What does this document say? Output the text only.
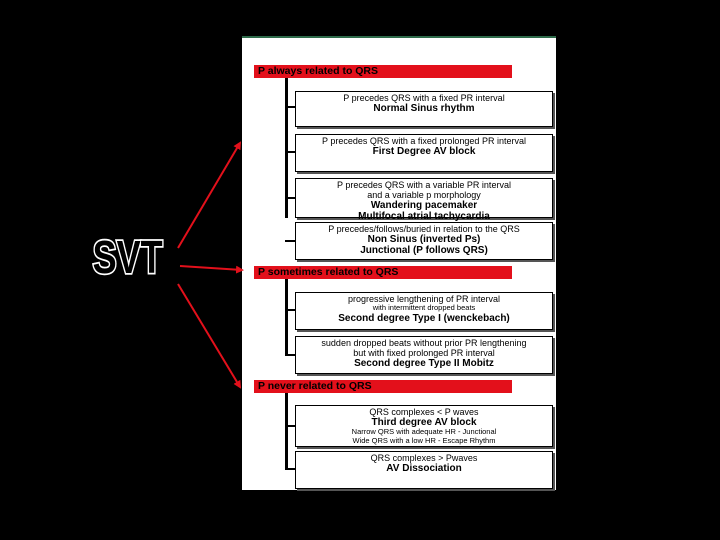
P always related to QRS
P precedes QRS with a fixed PR interval
Normal Sinus rhythm
P precedes QRS with a fixed prolonged PR interval
First Degree AV block
P precedes QRS with a variable PR interval
and a variable p morphology
Wandering pacemaker
Multifocal atrial tachycardia
P precedes/follows/buried in relation to the QRS
Non Sinus (inverted Ps)
Junctional (P follows QRS)
P sometimes related to QRS
progressive lengthening of PR interval
with intermittent dropped beats
Second degree Type I (wenckebach)
sudden dropped beats without prior PR lengthening
but with fixed prolonged PR interval
Second degree Type II Mobitz
P never related to QRS
QRS complexes < P waves
Third degree AV block
Narrow QRS with adequate HR - Junctional
Wide QRS with a low HR - Escape Rhythm
QRS complexes > Pwaves
AV Dissociation
SVT
